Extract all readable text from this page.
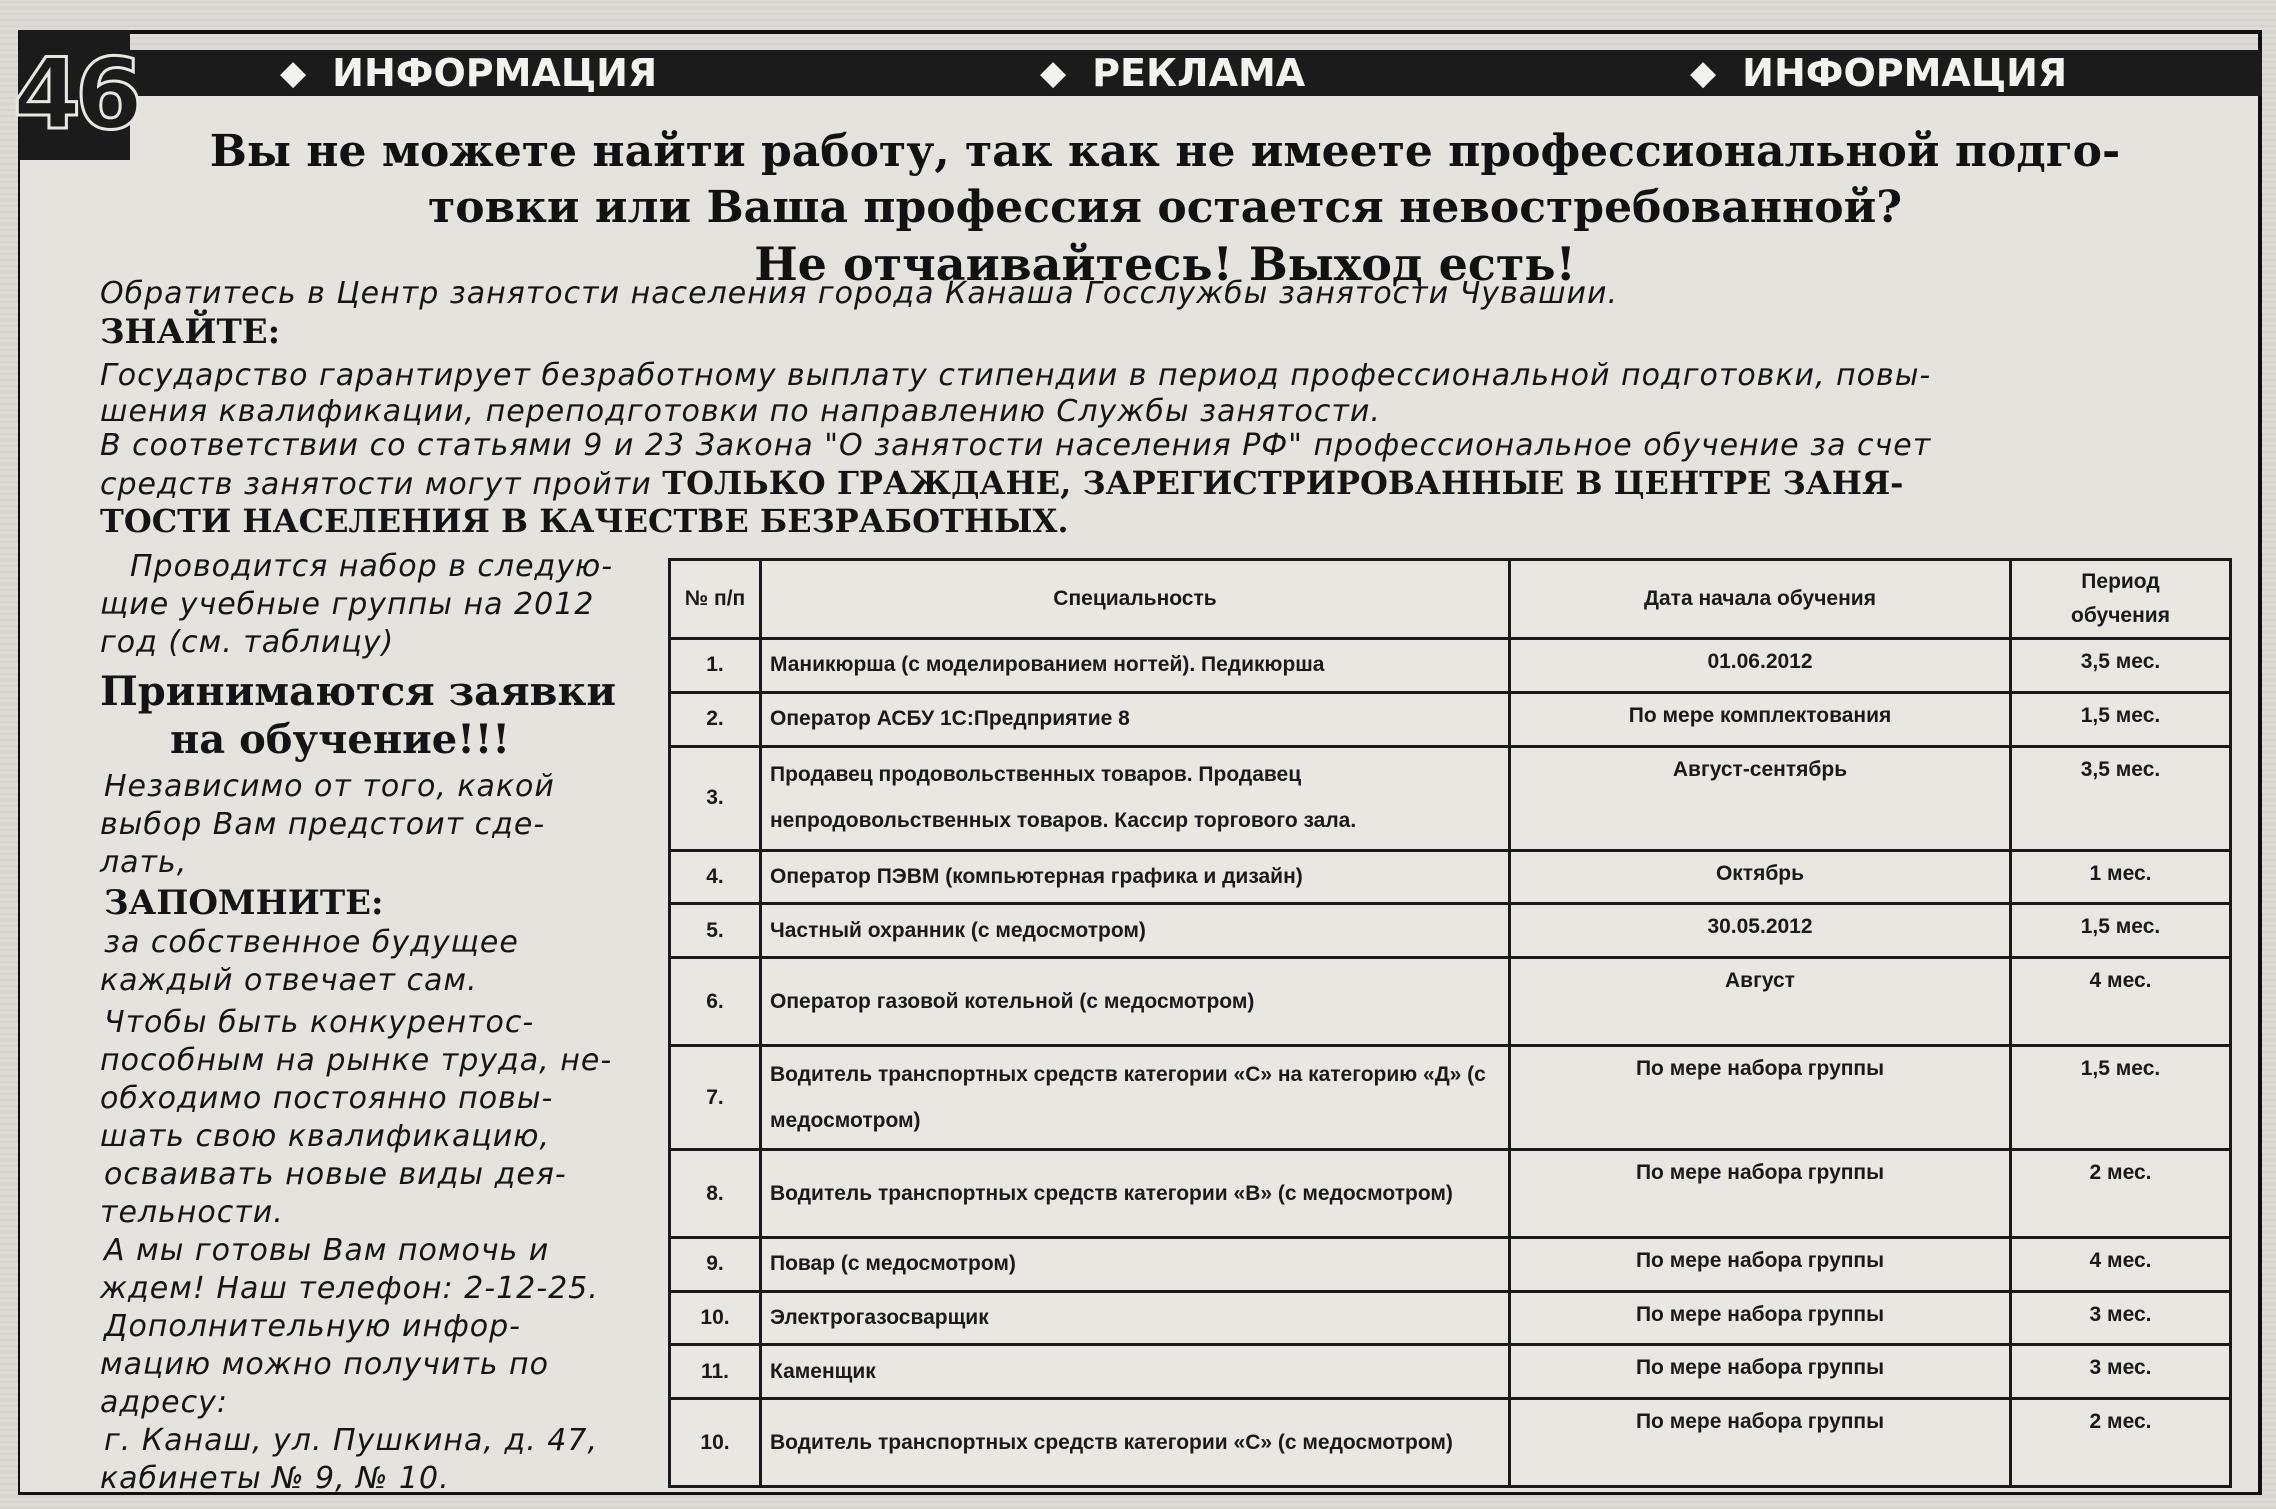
46	◆ ИНФОРМАЦИЯ	◆ РЕКЛАМА	◆ ИНФОРМАЦИЯ
Вы не можете найти работу, так как не имеете профессиональной подго-
товки или Ваша профессия остается невостребованной?
Не отчаивайтесь! Выход есть!
Обратитесь в Центр занятости населения города Канаша Госслужбы занятости Чувашии.
ЗНАЙТЕ:
Государство гарантирует безработному выплату стипендии в период профессиональной подготовки, повы-
шения квалификации, переподготовки по направлению Службы занятости.
В соответствии со статьями 9 и 23 Закона "О занятости населения РФ" профессиональное обучение за счет
средств занятости могут пройти ТОЛЬКО ГРАЖДАНЕ, ЗАРЕГИСТРИРОВАННЫЕ В ЦЕНТРЕ ЗАНЯ-
ТОСТИ НАСЕЛЕНИЯ В КАЧЕСТВЕ БЕЗРАБОТНЫХ.
Проводится набор в следую-
щие учебные группы на 2012
год (см. таблицу)
Принимаются заявки
на обучение!!!
Независимо от того, какой
выбор Вам предстоит сде-
лать,
ЗАПОМНИТЕ:
за собственное будущее
каждый отвечает сам.
Чтобы быть конкурентос-
пособным на рынке труда, не-
обходимо постоянно повы-
шать свою квалификацию,
осваивать новые виды дея-
тельности.
А мы готовы Вам помочь и
ждем! Наш телефон: 2-12-25.
Дополнительную инфор-
мацию можно получить по
адресу:
г. Канаш, ул. Пушкина, д. 47,
кабинеты № 9, № 10.
№ п/п	Специальность	Дата начала обучения	Период
обучения

1.	Маникюрша (с моделированием ногтей). Педикюрша	01.06.2012	3,5 мес.
2.	Оператор АСБУ 1С:Предприятие 8	По мере комплектования	1,5 мес.
3.	Продавец продовольственных товаров. Продавец непродовольственных товаров. Кассир торгового зала.	Август-сентябрь	3,5 мес.
4.	Оператор ПЭВМ (компьютерная графика и дизайн)	Октябрь	1 мес.
5.	Частный охранник (с медосмотром)	30.05.2012	1,5 мес.
6.	Оператор газовой котельной (с медосмотром)	Август	4 мес.
7.	Водитель транспортных средств категории «С» на категорию «Д» (с медосмотром)	По мере набора группы	1,5 мес.
8.	Водитель транспортных средств категории «В» (с медосмотром)	По мере набора группы	2 мес.
9.	Повар (с медосмотром)	По мере набора группы	4 мес.
10.	Электрогазосварщик	По мере набора группы	3 мес.
11.	Каменщик	По мере набора группы	3 мес.
10.	Водитель транспортных средств категории «С» (с медосмотром)	По мере набора группы	2 мес.
